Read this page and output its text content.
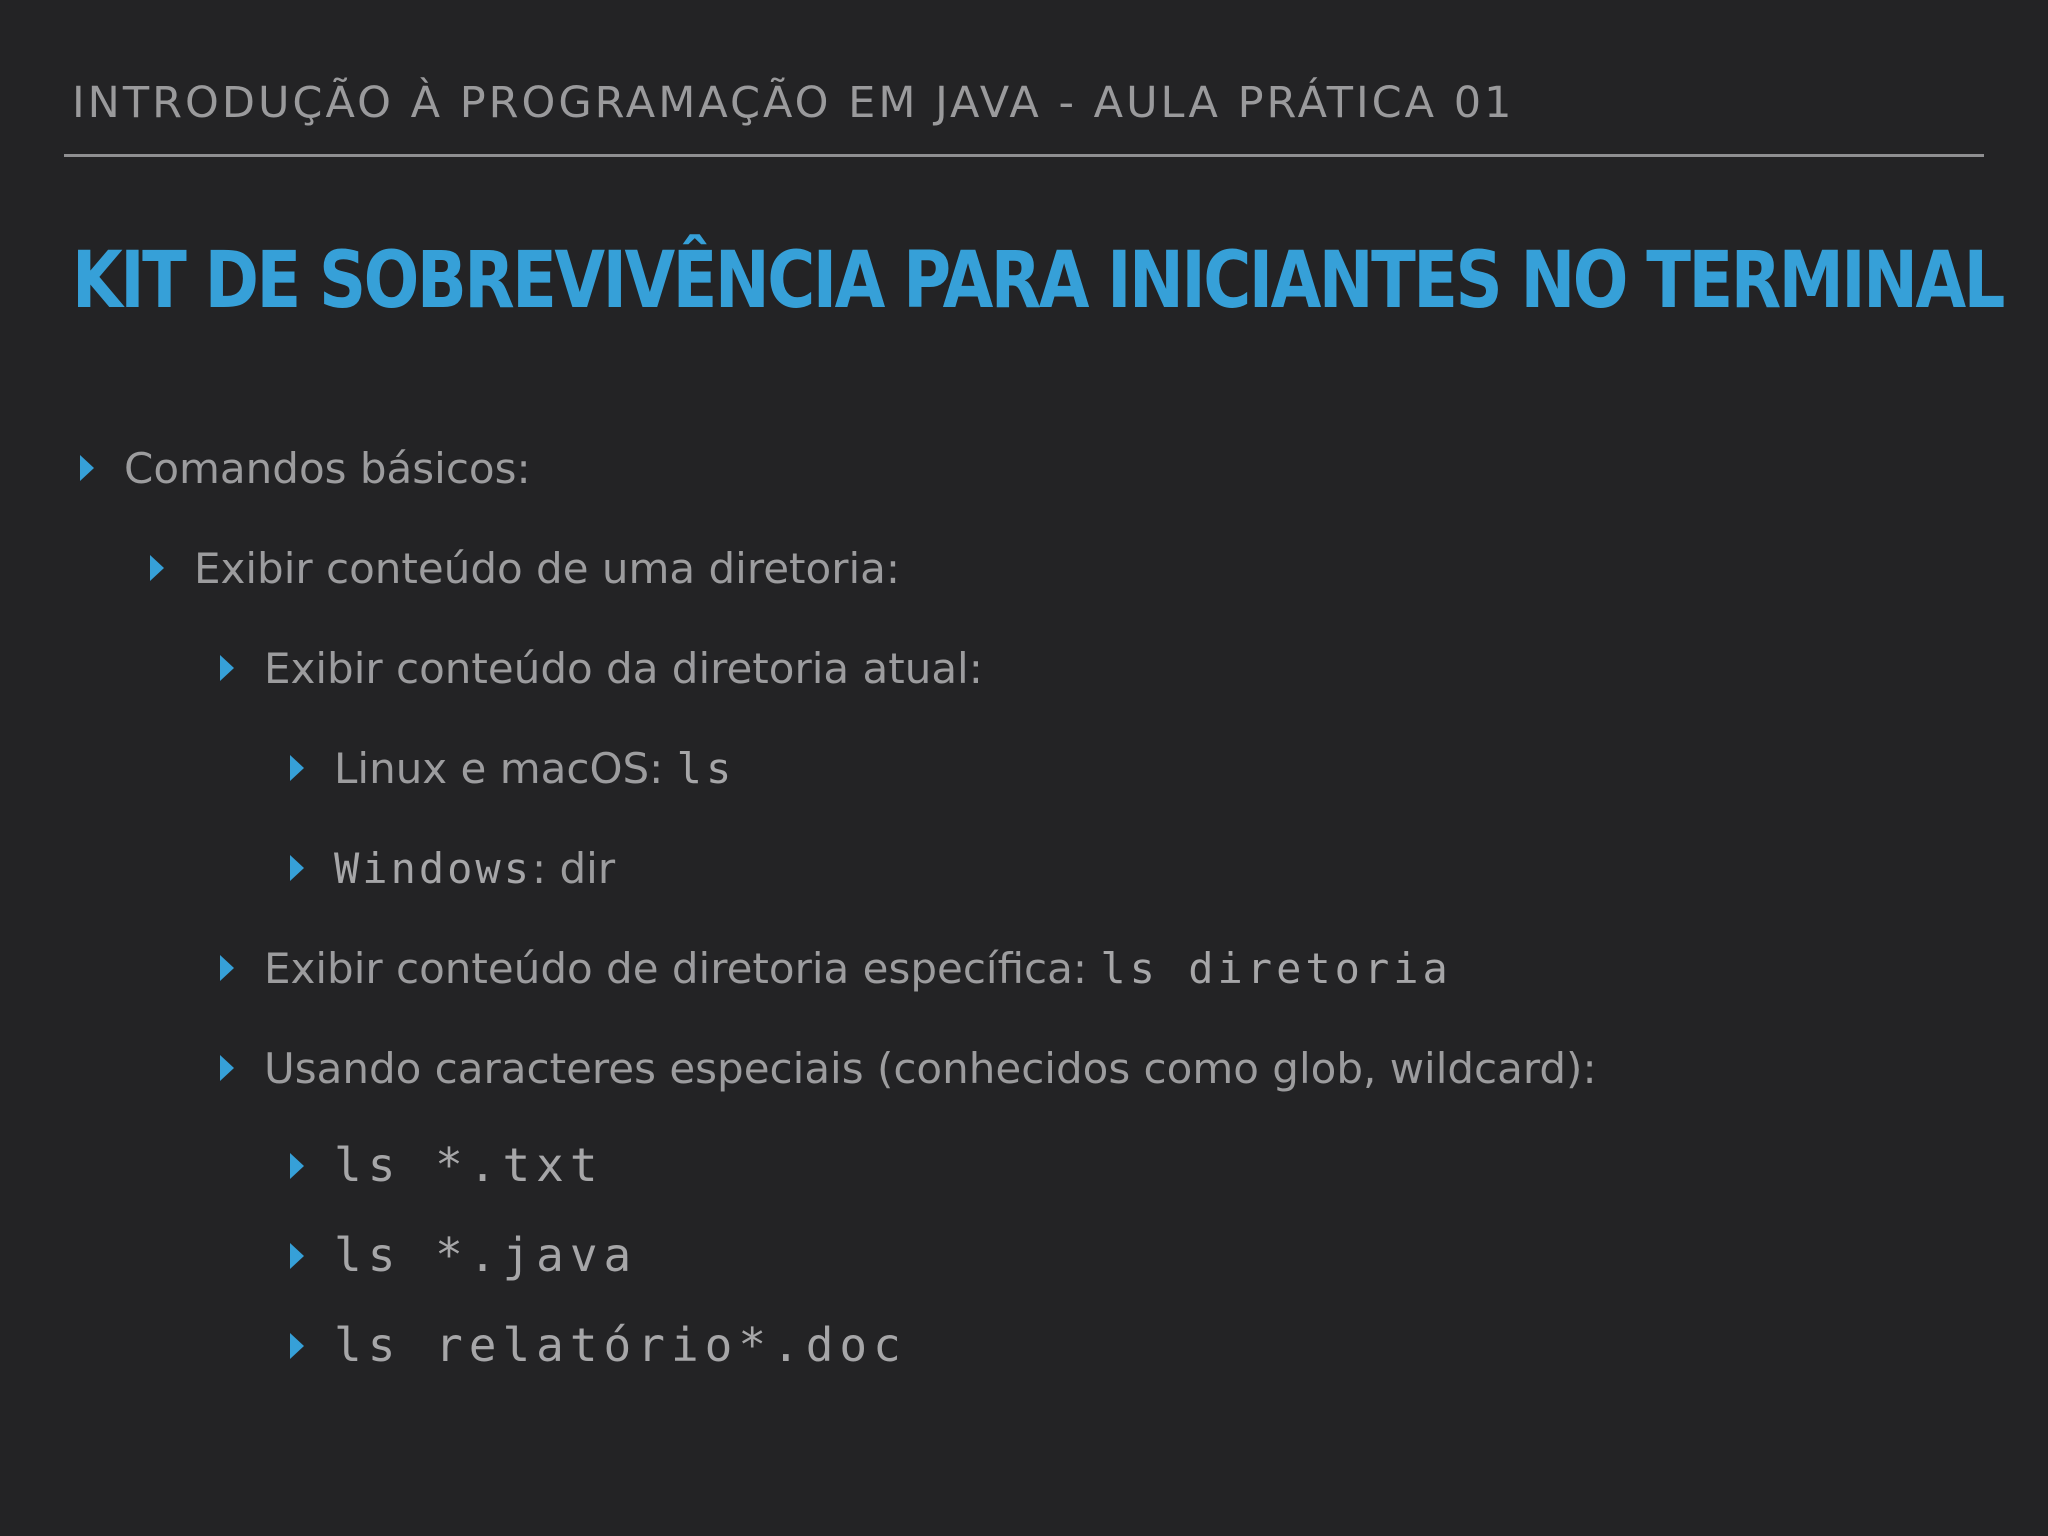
INTRODUÇÃO À PROGRAMAÇÃO EM JAVA - AULA PRÁTICA 01
KIT DE SOBREVIVÊNCIA PARA INICIANTES NO TERMINAL
Comandos básicos:
Exibir conteúdo de uma diretoria:
Exibir conteúdo da diretoria atual:
Linux e macOS: ls
Windows : dir
Exibir conteúdo de diretoria específica: ls diretoria
Usando caracteres especiais (conhecidos como glob, wildcard):
ls *.txt
ls *.java
ls relatório*.doc
